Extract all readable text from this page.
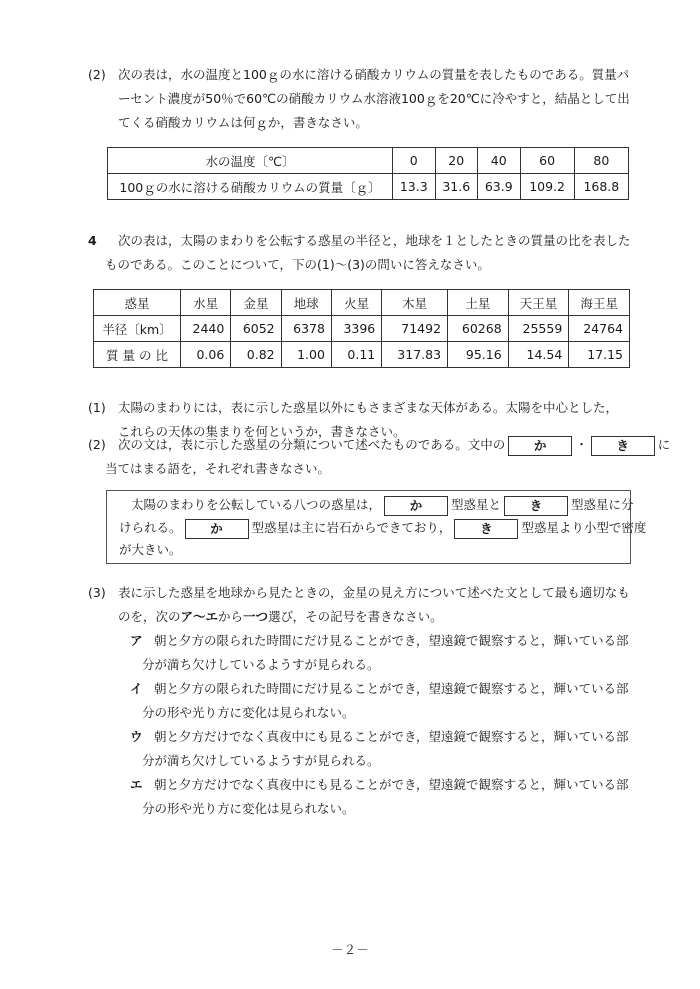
(2) 次の表は，水の温度と100ｇの水に溶ける硝酸カリウムの質量を表したものである。質量パーセント濃度が50％で60℃の硝酸カリウム水溶液100ｇを20℃に冷やすと，結晶として出てくる硝酸カリウムは何ｇか，書きなさい。
水の温度〔℃〕	0	20	40	60	80
100ｇの水に溶ける硝酸カリウムの質量〔ｇ〕	13.3	31.6	63.9	109.2	168.8
4	次の表は，太陽のまわりを公転する惑星の半径と，地球を１としたときの質量の比を表したものである。このことについて，下の(1)～(3)の問いに答えなさい。
惑星	水星	金星	地球	火星	木星	土星	天王星	海王星
半径〔km〕	2440	6052	6378	3396	71492	60268	25559	24764
質 量 の 比	0.06	0.82	1.00	0.11	317.83	95.16	14.54	17.15
(1) 太陽のまわりには，表に示した惑星以外にもさまざまな天体がある。太陽を中心とした，これらの天体の集まりを何というか，書きなさい。
(2) 次の文は，表に示した惑星の分類について述べたものである。文中の か ・ き に
当てはまる語を，それぞれ書きなさい。
太陽のまわりを公転している八つの惑星は， か 型惑星と き 型惑星に分
けられる。 か 型惑星は主に岩石からできており， き 型惑星より小型で密度
が大きい。
(3) 表に示した惑星を地球から見たときの，金星の見え方について述べた文として最も適切なものを，次のア～エから一つ選び，その記号を書きなさい。
ア 朝と夕方の限られた時間にだけ見ることができ，望遠鏡で観察すると，輝いている部
分が満ち欠けしているようすが見られる。
イ 朝と夕方の限られた時間にだけ見ることができ，望遠鏡で観察すると，輝いている部
分の形や光り方に変化は見られない。
ウ 朝と夕方だけでなく真夜中にも見ることができ，望遠鏡で観察すると，輝いている部
分が満ち欠けしているようすが見られる。
エ 朝と夕方だけでなく真夜中にも見ることができ，望遠鏡で観察すると，輝いている部
分の形や光り方に変化は見られない。
－２－
